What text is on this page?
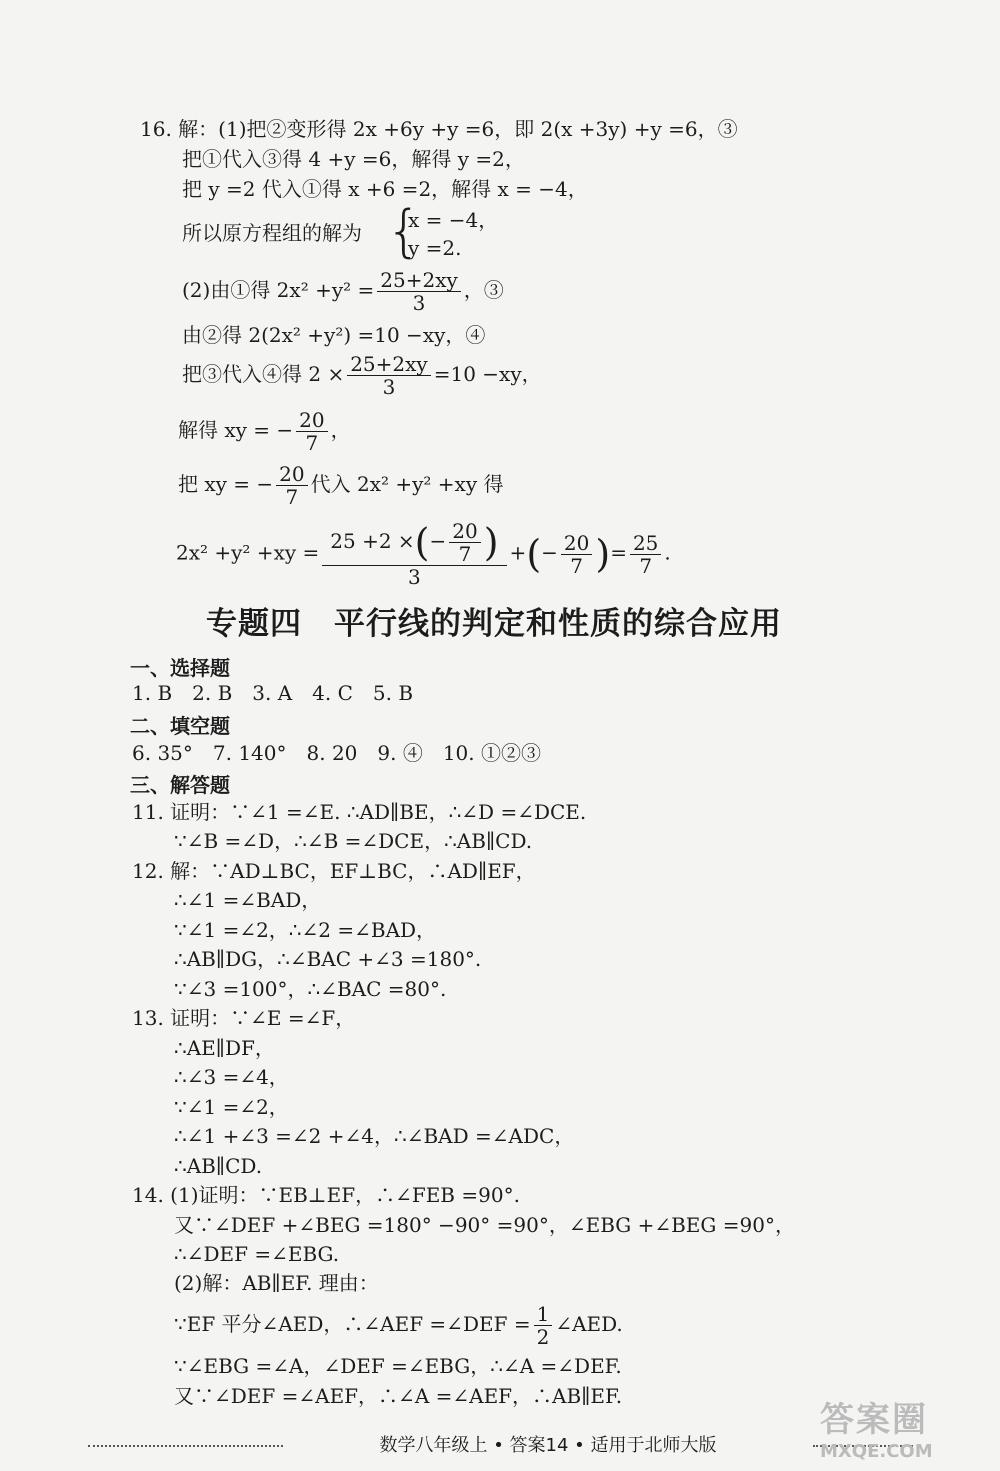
16. 解：(1)把②变形得 2x +6y +y =6，即 2(x +3y) +y =6，③
把①代入③得 4 +y =6，解得 y =2，
把 y =2 代入①得 x +6 =2，解得 x = −4，
所以原方程组的解为 {
x = −4，
y =2.
(2)由①得 $2x^2 +y^2 = \frac{25+2xy}{3}$ ，③
由②得 2(2x² +y²) =10 −xy，④
把③代入④得 $2 \times \frac{25+2xy}{3} =10 -xy$，
解得 xy = − $\frac{20}{7}$ ，
把 xy = − $\frac{20}{7}$ 代入 2x² +y² +xy 得
$2x^2 +y^2 +xy = \frac{25 +2 \times(- \frac{20}{7} )}{3}$ +(− $\frac{20}{7}$ )= $\frac{25}{7}$ .
专题四　平行线的判定和性质的综合应用
一、选择题
1. B　2. B　3. A　4. C　5. B
二、填空题
6. 35°　7. 140°　8. 20　9. ④　10. ①②③
三、解答题
11. 证明：∵∠1 =∠E. ∴AD∥BE，∴∠D =∠DCE.
∵∠B =∠D，∴∠B =∠DCE，∴AB∥CD.
12. 解：∵AD⊥BC，EF⊥BC，∴AD∥EF，
∴∠1 =∠BAD，
∵∠1 =∠2，∴∠2 =∠BAD，
∴AB∥DG，∴∠BAC +∠3 =180°.
∵∠3 =100°，∴∠BAC =80°.
13. 证明：∵∠E =∠F，
∴AE∥DF，
∴∠3 =∠4，
∵∠1 =∠2，
∴∠1 +∠3 =∠2 +∠4，∴∠BAD =∠ADC，
∴AB∥CD.
14. (1)证明：∵EB⊥EF，∴∠FEB =90°.
又∵∠DEF +∠BEG =180° −90° =90°，∠EBG +∠BEG =90°，
∴∠DEF =∠EBG.
(2)解：AB∥EF. 理由：
∵EF 平分∠AED，∴∠AEF =∠DEF = $\frac{1}{2}$ ∠AED.
∵∠EBG =∠A，∠DEF =∠EBG，∴∠A =∠DEF.
又∵∠DEF =∠AEF，∴∠A =∠AEF，∴AB∥EF.
数学八年级上 • 答案14 • 适用于北师大版
答案圈
MXQE.COM
